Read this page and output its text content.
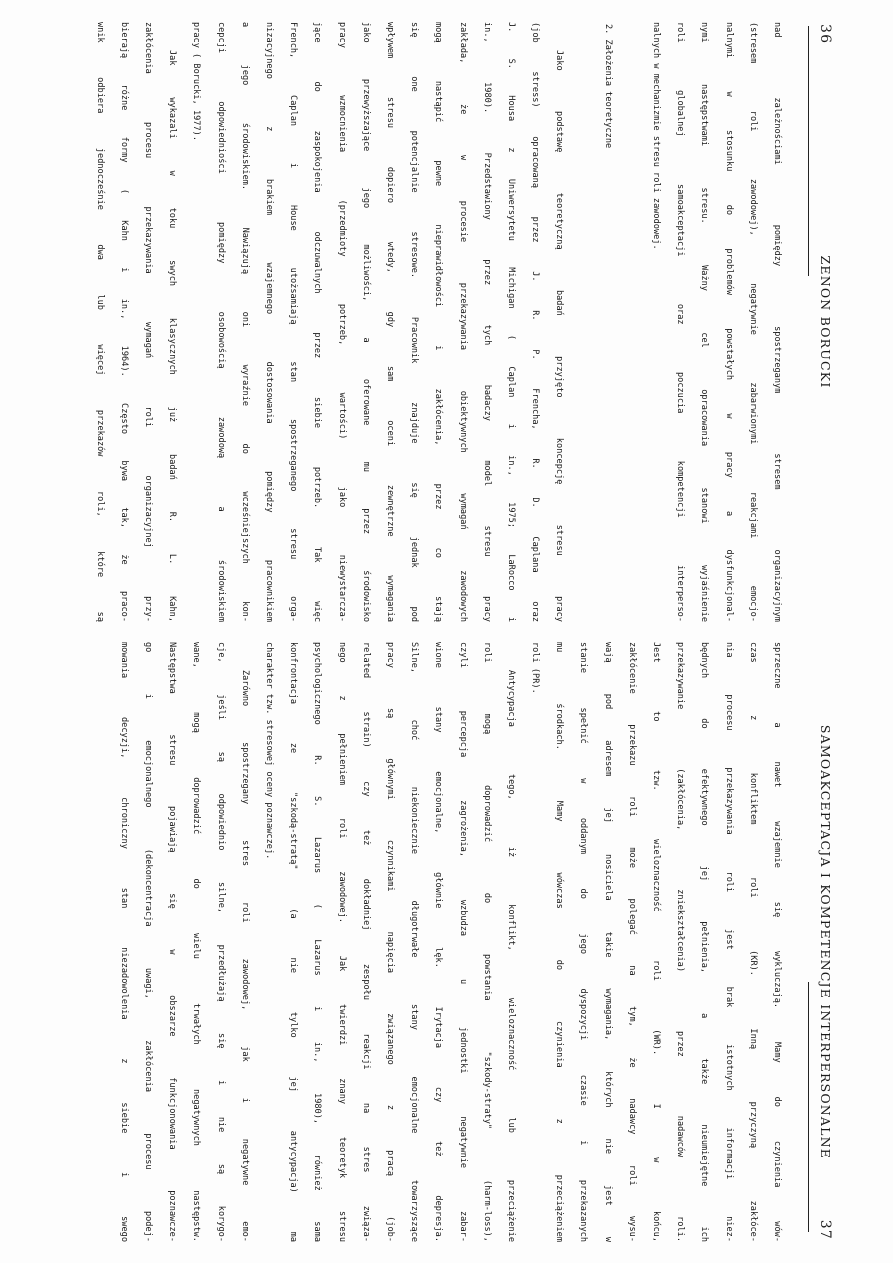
36
ZENON BORUCKI
nad zależnościami pomiędzy spostrzeganym stresem organizacyjnym
(stresem roli zawodowej), negatywnie zabarwionymi reakcjami emocjo-
nalnymi w stosunku do problemów powstałych w pracy a dysfunkcjonal-
nymi następstwami stresu. Ważny cel opracowania stanowi wyjaśnienie
roli globalnej samoakceptacji oraz poczucia kompetencji interperso-
nalnych w mechanizmie stresu roli zawodowej.
2. Założenia teoretyczne
Jako podstawę teoretyczną badań przyjęto koncepcję stresu pracy
(job stress) opracowaną przez J. R. P. Frencha, R. D. Caplana oraz
J. S. Housa z Uniwersytetu Michigan ( Caplan i in., 1975; LaRocco i
in., 1980). Przedstawiony przez tych badaczy model stresu pracy
zakłada, że w procesie przekazywania obiektywnych wymagań zawodowych
mogą nastąpić pewne nieprawidłowości i zakłócenia, przez co stają
się one potencjalnie stresowe. Pracownik znajduje się jednak pod
wpływem stresu dopiero wtedy, gdy sam oceni zewnętrzne wymagania
jako przewyższające jego możliwości, a oferowane mu przez środowisko
pracy wzmocnienia (przedmioty potrzeb, wartości) jako niewystarcza-
jące do zaspokojenia odczuwalnych przez siebie potrzeb. Tak więc
French, Caplan i House utożsamiają stan spostrzeganego stresu orga-
nizacyjnego z brakiem wzajemnego dostosowania pomiędzy pracownikiem
a jego środowiskiem. Nawiązują oni wyraźnie do wcześniejszych kon-
cepcji odpowiedniości pomiędzy osobowością zawodową a środowiskiem
pracy ( Borucki, 1977).
Jak wykazali w toku swych klasycznych już badań R. L. Kahn,
zakłócenia procesu przekazywania wymagań roli organizacyjnej przy-
bierają różne formy ( Kahn i in., 1964). Często bywa tak, że praco-
wnik odbiera jednocześnie dwa lub więcej przekazów roli, które są
SAMOAKCEPTACJA I KOMPETENCJE INTERPERSONALNE
37
sprzeczne a nawet wzajemnie się wykluczają. Mamy do czynienia wów-
czas z konfliktem roli (KR). Inną przyczyną zakłóce-
nia procesu przekazywania roli jest brak istotnych informacji niez-
będnych do efektywnego jej pełnienia, a także nieumiejętne ich
przekazywanie (zakłócenia, zniekształcenia) przez nadawców roli.
Jest to tzw. wieloznaczność roli (WR). I w końcu,
zakłócenie przekazu roli może polegać na tym, że nadawcy roli wysu-
wają pod adresem jej nosiciela takie wymagania, których nie jest w
stanie spełnić w oddanym do jego dyspozycji czasie i przekazanych
mu środkach. Mamy wówczas do czynienia z przeciążeniem
roli (PR).
Antycypacja tego, iż konflikt, wieloznaczność lub przeciążenie
roli mogą doprowadzić do powstania "szkody-straty" (harm-loss),
czyli percepcja zagrożenia, wzbudza u jednostki negatywnie zabar-
wione stany emocjonalne, głównie lęk. Irytacja czy też depresja.
Silne, choć niekoniecznie długotrwałe stany emocjonalne towarzyszące
pracy są głównymi czynnikami napięcia związanego z pracą (job-
related strain) czy też dokładniej zespołu reakcji na stres związa-
nego z pełnieniem roli zawodowej. Jak twierdzi znany teoretyk stresu
psychologicznego R. S. Lazarus ( Lazarus i in., 1980), również sama
konfrontacja ze "szkodą-stratą" (a nie tylko jej antycypacja) ma
charakter tzw. stresowej oceny poznawczej.
Zarówno spostrzegany stres roli zawodowej, jak i negatywne emo-
cje, jeśli są odpowiednio silne, przedłużają się i nie są korygo-
wane, mogą doprowadzić do wielu trwałych negatywnych następstw.
Następstwa stresu pojawiają się w obszarze funkcjonowania poznawcze-
go i emocjonalnego (dekoncentracja uwagi, zakłócenia procesu podej-
mowania decyzji, chroniczny stan niezadowolenia z siebie i swego
